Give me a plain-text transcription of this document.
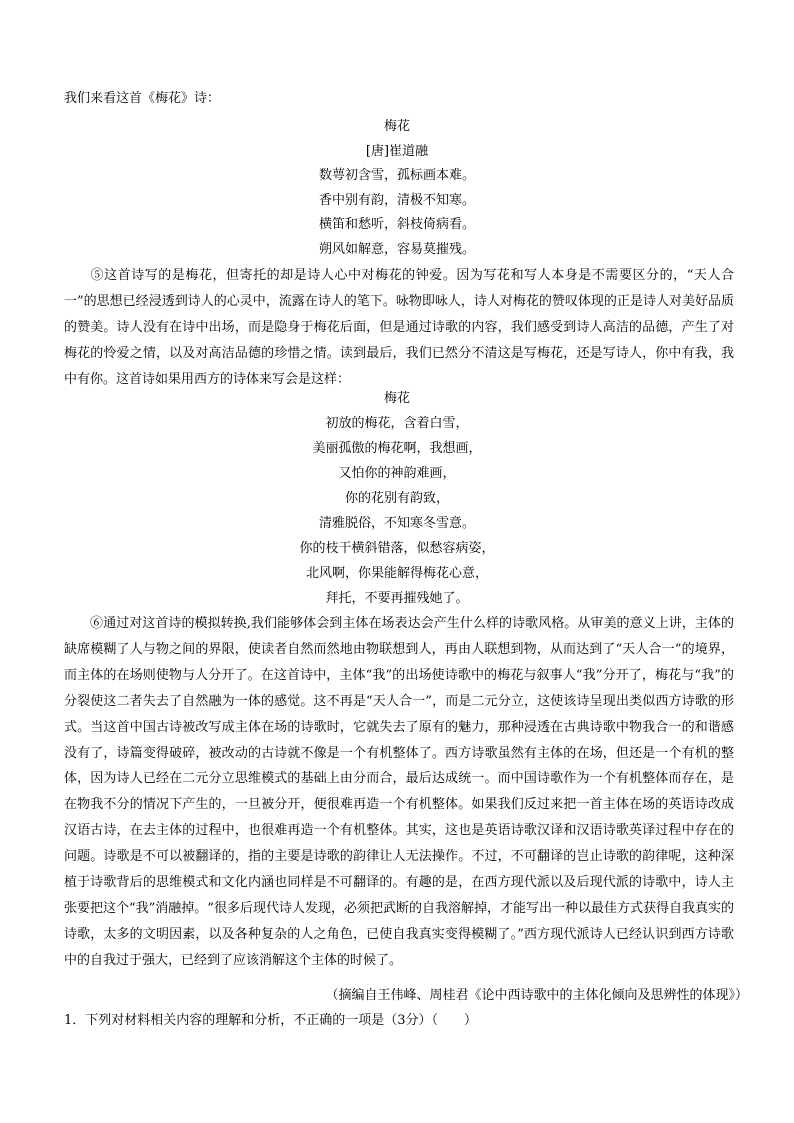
我们来看这首《梅花》诗：
梅花
[唐]崔道融
数萼初含雪，孤标画本难。
香中别有韵，清极不知寒。
横笛和愁听，斜枝倚病看。
朔风如解意，容易莫摧残。
⑤这首诗写的是梅花，但寄托的却是诗人心中对梅花的钟爱。因为写花和写人本身是不需要区分的，“天人合一”的思想已经浸透到诗人的心灵中，流露在诗人的笔下。咏物即咏人，诗人对梅花的赞叹体现的正是诗人对美好品质的赞美。诗人没有在诗中出场，而是隐身于梅花后面，但是通过诗歌的内容，我们感受到诗人高洁的品德，产生了对梅花的怜爱之情，以及对高洁品德的珍惜之情。读到最后，我们已然分不清这是写梅花，还是写诗人，你中有我，我中有你。这首诗如果用西方的诗体来写会是这样：
梅花
初放的梅花，含着白雪，
美丽孤傲的梅花啊，我想画，
又怕你的神韵难画，
你的花别有韵致，
清雅脱俗，不知寒冬雪意。
你的枝干横斜错落，似愁容病姿，
北风啊，你果能解得梅花心意，
拜托，不要再摧残她了。
⑥通过对这首诗的模拟转换,我们能够体会到主体在场表达会产生什么样的诗歌风格。从审美的意义上讲，主体的缺席模糊了人与物之间的界限，使读者自然而然地由物联想到人，再由人联想到物，从而达到了“天人合一”的境界，而主体的在场则使物与人分开了。在这首诗中，主体“我”的出场使诗歌中的梅花与叙事人“我”分开了，梅花与“我”的分裂使这二者失去了自然融为一体的感觉。这不再是“天人合一”，而是二元分立，这使该诗呈现出类似西方诗歌的形式。当这首中国古诗被改写成主体在场的诗歌时，它就失去了原有的魅力，那种浸透在古典诗歌中物我合一的和谐感没有了，诗篇变得破碎，被改动的古诗就不像是一个有机整体了。西方诗歌虽然有主体的在场，但还是一个有机的整体，因为诗人已经在二元分立思维模式的基础上由分而合，最后达成统一。而中国诗歌作为一个有机整体而存在，是在物我不分的情况下产生的，一旦被分开，便很难再造一个有机整体。如果我们反过来把一首主体在场的英语诗改成汉语古诗，在去主体的过程中，也很难再造一个有机整体。其实，这也是英语诗歌汉译和汉语诗歌英译过程中存在的问题。诗歌是不可以被翻译的，指的主要是诗歌的韵律让人无法操作。不过，不可翻译的岂止诗歌的韵律呢，这种深植于诗歌背后的思维模式和文化内涵也同样是不可翻译的。有趣的是，在西方现代派以及后现代派的诗歌中，诗人主张要把这个“我”消融掉。“很多后现代诗人发现，必须把武断的自我溶解掉，才能写出一种以最佳方式获得自我真实的诗歌，太多的文明因素，以及各种复杂的人之角色，已使自我真实变得模糊了。”西方现代派诗人已经认识到西方诗歌中的自我过于强大，已经到了应该消解这个主体的时候了。
（摘编自王伟峰、周桂君《论中西诗歌中的主体化倾向及思辨性的体现》）
1．下列对材料相关内容的理解和分析，不正确的一项是（3分）（　　）
